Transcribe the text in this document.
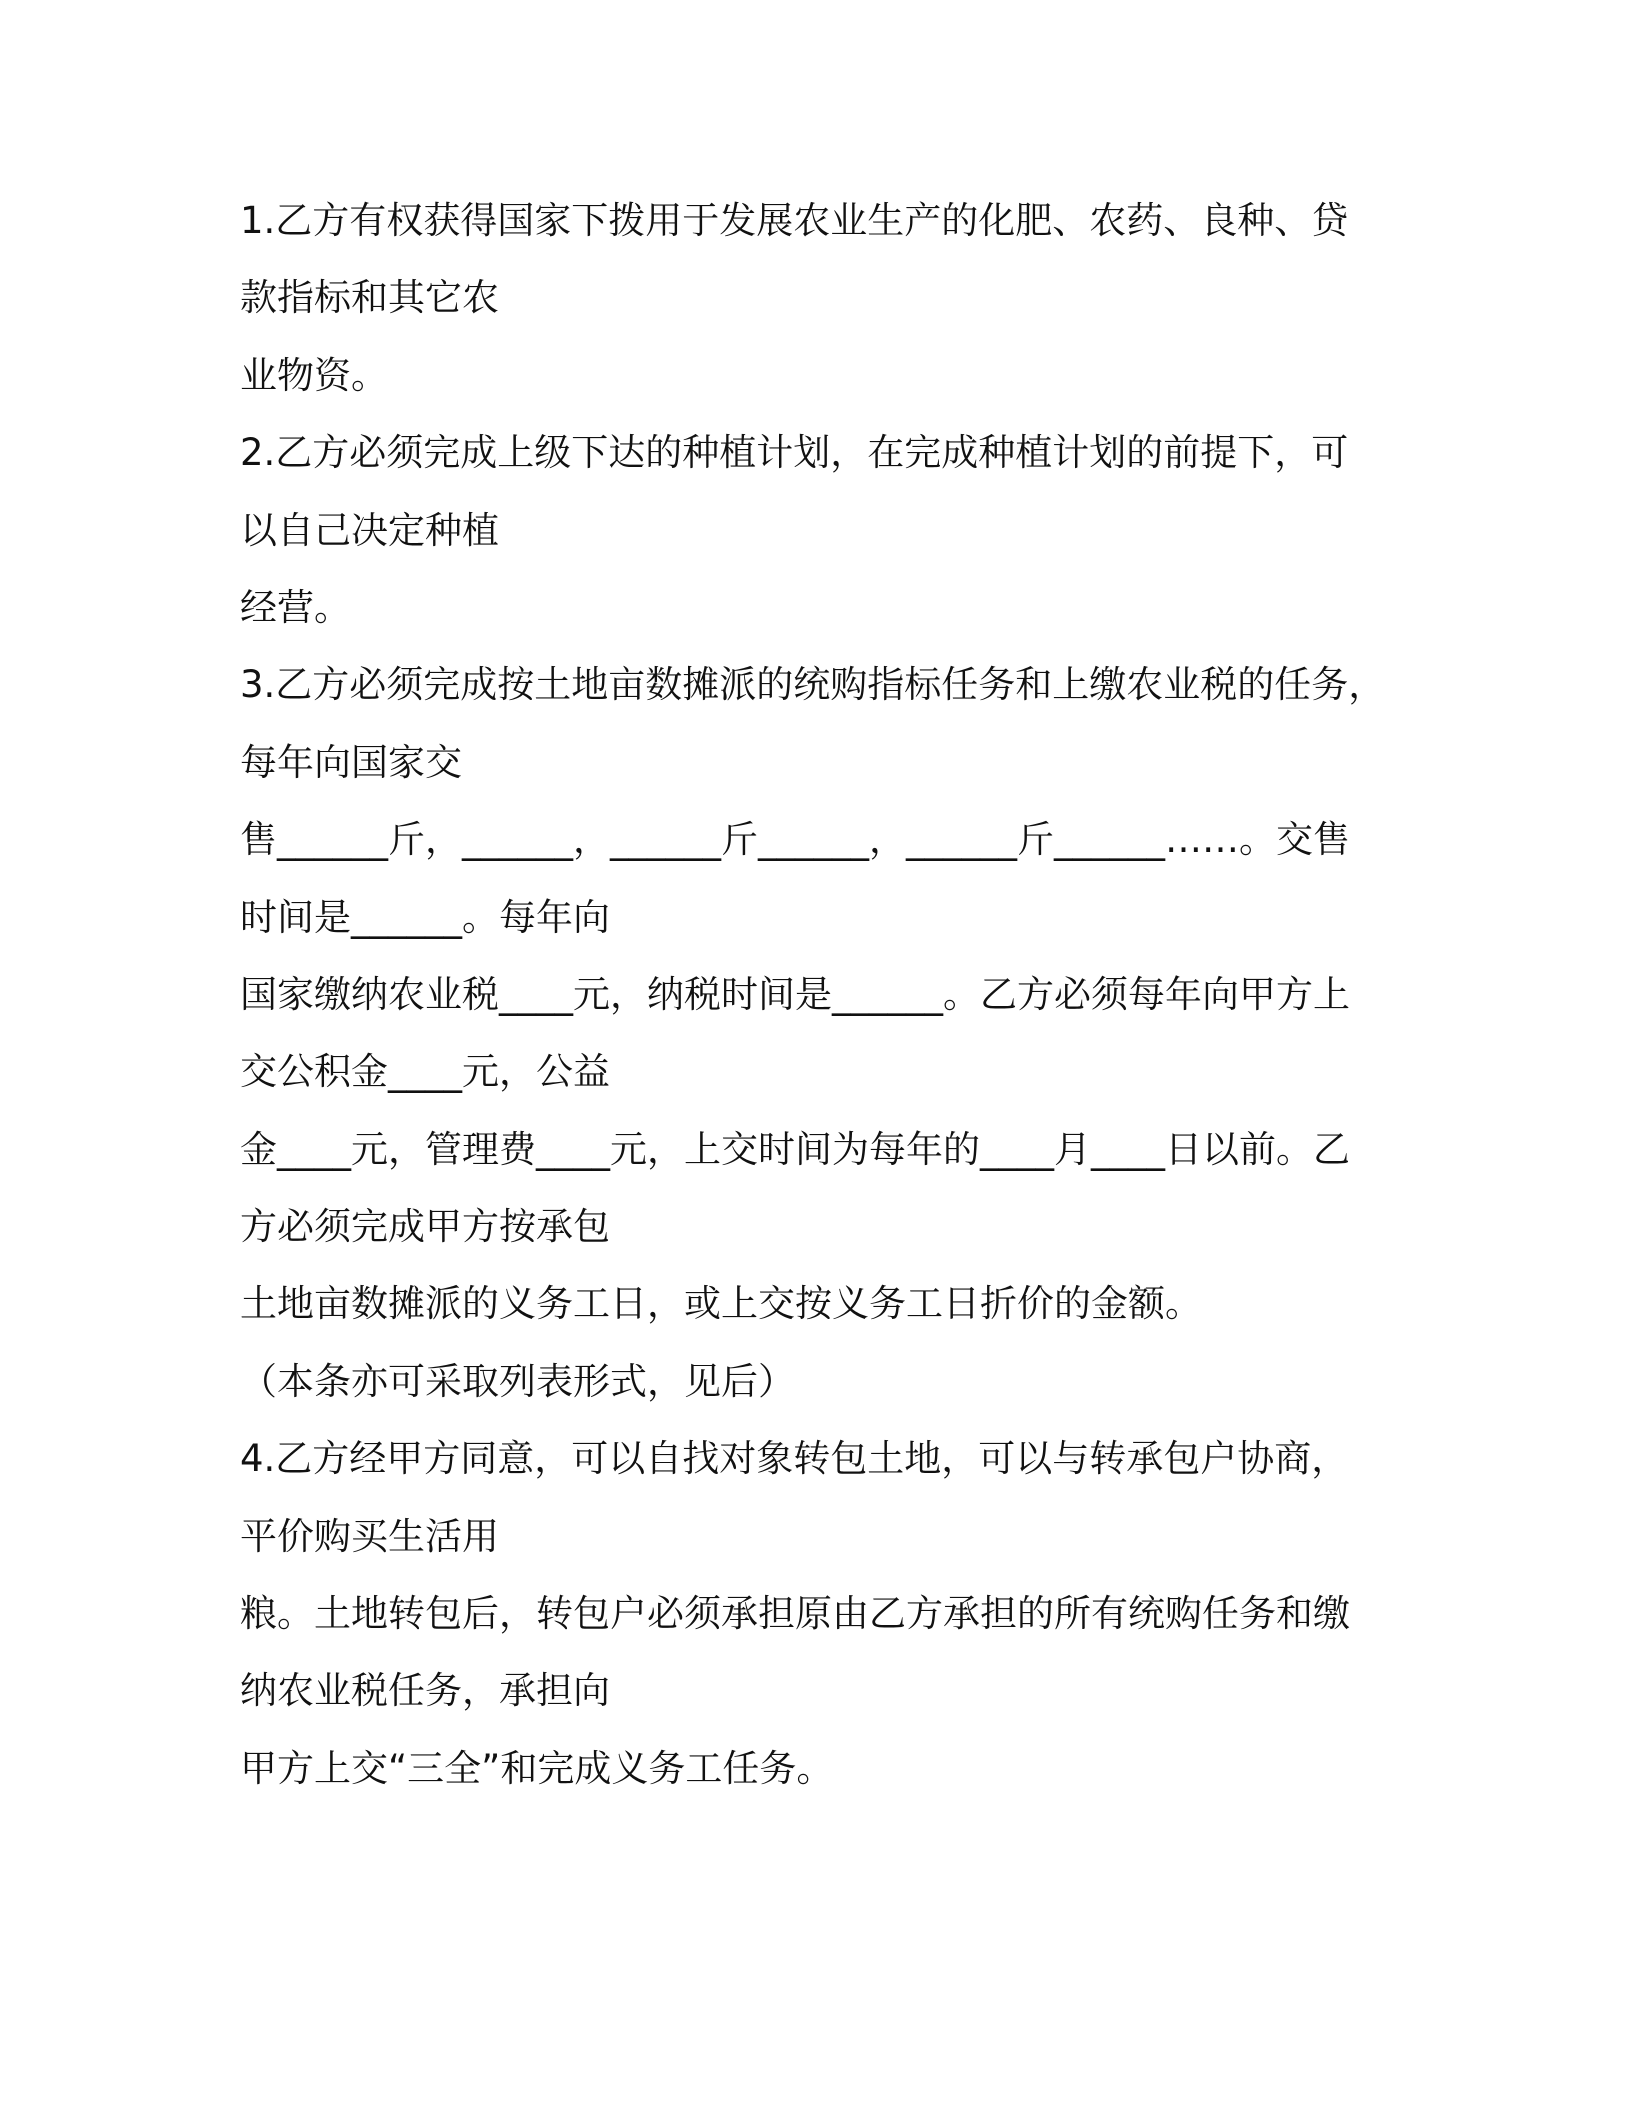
1.乙方有权获得国家下拨用于发展农业生产的化肥、农药、良种、贷
款指标和其它农
业物资。
2.乙方必须完成上级下达的种植计划，在完成种植计划的前提下，可
以自己决定种植
经营。
3.乙方必须完成按土地亩数摊派的统购指标任务和上缴农业税的任务，
每年向国家交
售______斤，______，______斤______，______斤______……。交售
时间是______。每年向
国家缴纳农业税____元，纳税时间是______。乙方必须每年向甲方上
交公积金____元，公益
金____元，管理费____元，上交时间为每年的____月____日以前。乙
方必须完成甲方按承包
土地亩数摊派的义务工日，或上交按义务工日折价的金额。
（本条亦可采取列表形式，见后）
4.乙方经甲方同意，可以自找对象转包土地，可以与转承包户协商，
平价购买生活用
粮。土地转包后，转包户必须承担原由乙方承担的所有统购任务和缴
纳农业税任务，承担向
甲方上交“三全”和完成义务工任务。
